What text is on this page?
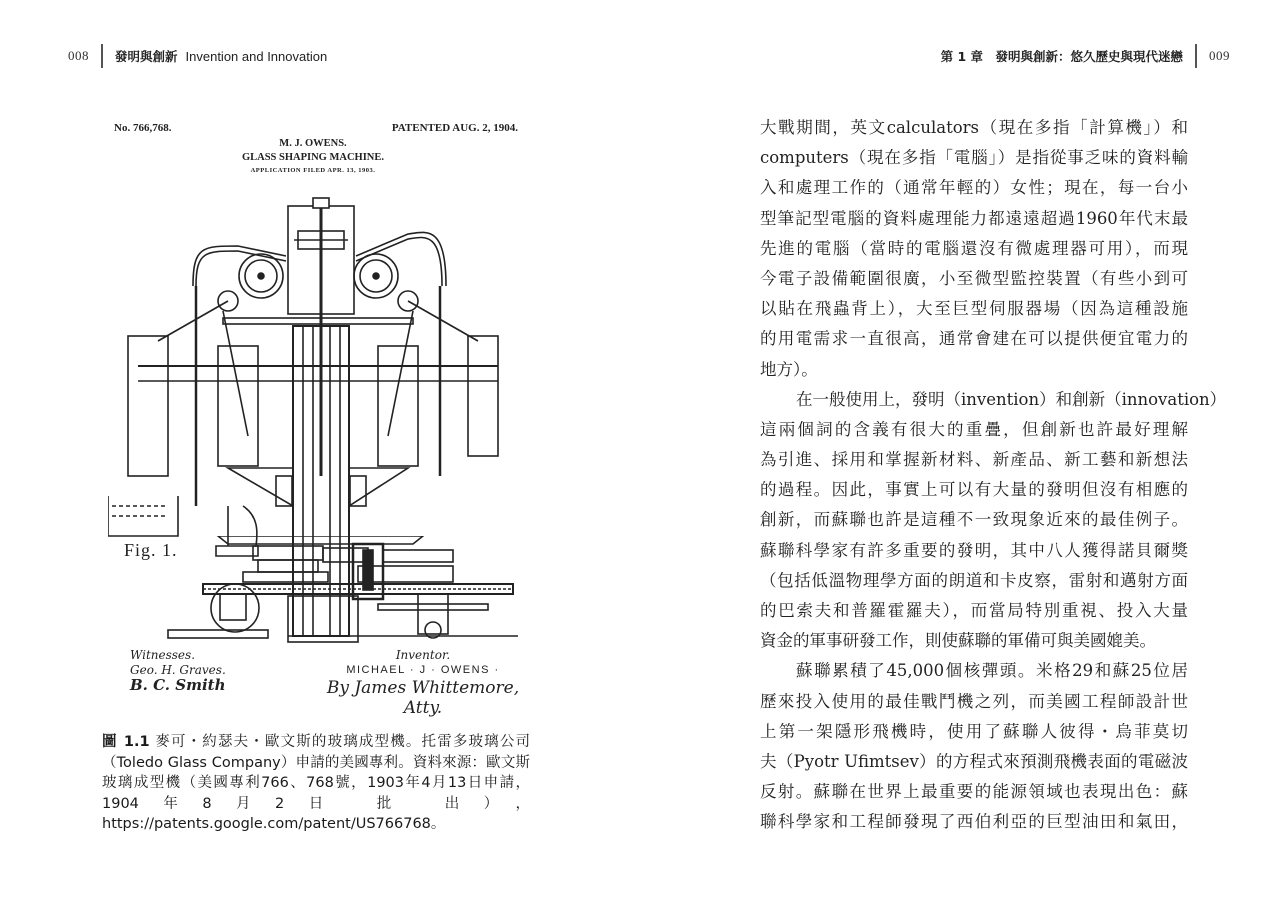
008 發明與創新 Invention and Innovation
No. 766,768.	PATENTED AUG. 2, 1904.
M. J. OWENS.
GLASS SHAPING MACHINE.
APPLICATION FILED APR. 13, 1903.
Fig. 1.
Witnesses.
Geo. H. Graves.
B. C. Smith
Inventor.
MICHAEL · J · OWENS ·
By James Whittemore, Atty.
圖 1.1 麥可・約瑟夫・歐文斯的玻璃成型機。托雷多玻璃公司（Toledo Glass Company）申請的美國專利。資料來源：歐文斯玻璃成型機（美國專利766、768號，1903年4月13日申請，1904年8月2日 批 出），https://patents.google.com/patent/US766768。
第 1 章　發明與創新：悠久歷史與現代迷戀 009
大戰期間，英文calculators（現在多指「計算機」）和
computers（現在多指「電腦」）是指從事乏味的資料輸
入和處理工作的（通常年輕的）女性；現在，每一台小
型筆記型電腦的資料處理能力都遠遠超過1960年代末最
先進的電腦（當時的電腦還沒有微處理器可用），而現
今電子設備範圍很廣，小至微型監控裝置（有些小到可
以貼在飛蟲背上），大至巨型伺服器場（因為這種設施
的用電需求一直很高，通常會建在可以提供便宜電力的
地方）。
在一般使用上，發明（invention）和創新（innovation）
這兩個詞的含義有很大的重疊，但創新也許最好理解
為引進、採用和掌握新材料、新產品、新工藝和新想法
的過程。因此，事實上可以有大量的發明但沒有相應的
創新，而蘇聯也許是這種不一致現象近來的最佳例子。
蘇聯科學家有許多重要的發明，其中八人獲得諾貝爾獎
（包括低溫物理學方面的朗道和卡皮察，雷射和邁射方面
的巴索夫和普羅霍羅夫），而當局特別重視、投入大量
資金的軍事研發工作，則使蘇聯的軍備可與美國媲美。
蘇聯累積了45,000個核彈頭。米格29和蘇25位居
歷來投入使用的最佳戰鬥機之列，而美國工程師設計世
上第一架隱形飛機時，使用了蘇聯人彼得・烏菲莫切
夫（Pyotr Ufimtsev）的方程式來預測飛機表面的電磁波
反射。蘇聯在世界上最重要的能源領域也表現出色：蘇
聯科學家和工程師發現了西伯利亞的巨型油田和氣田，
